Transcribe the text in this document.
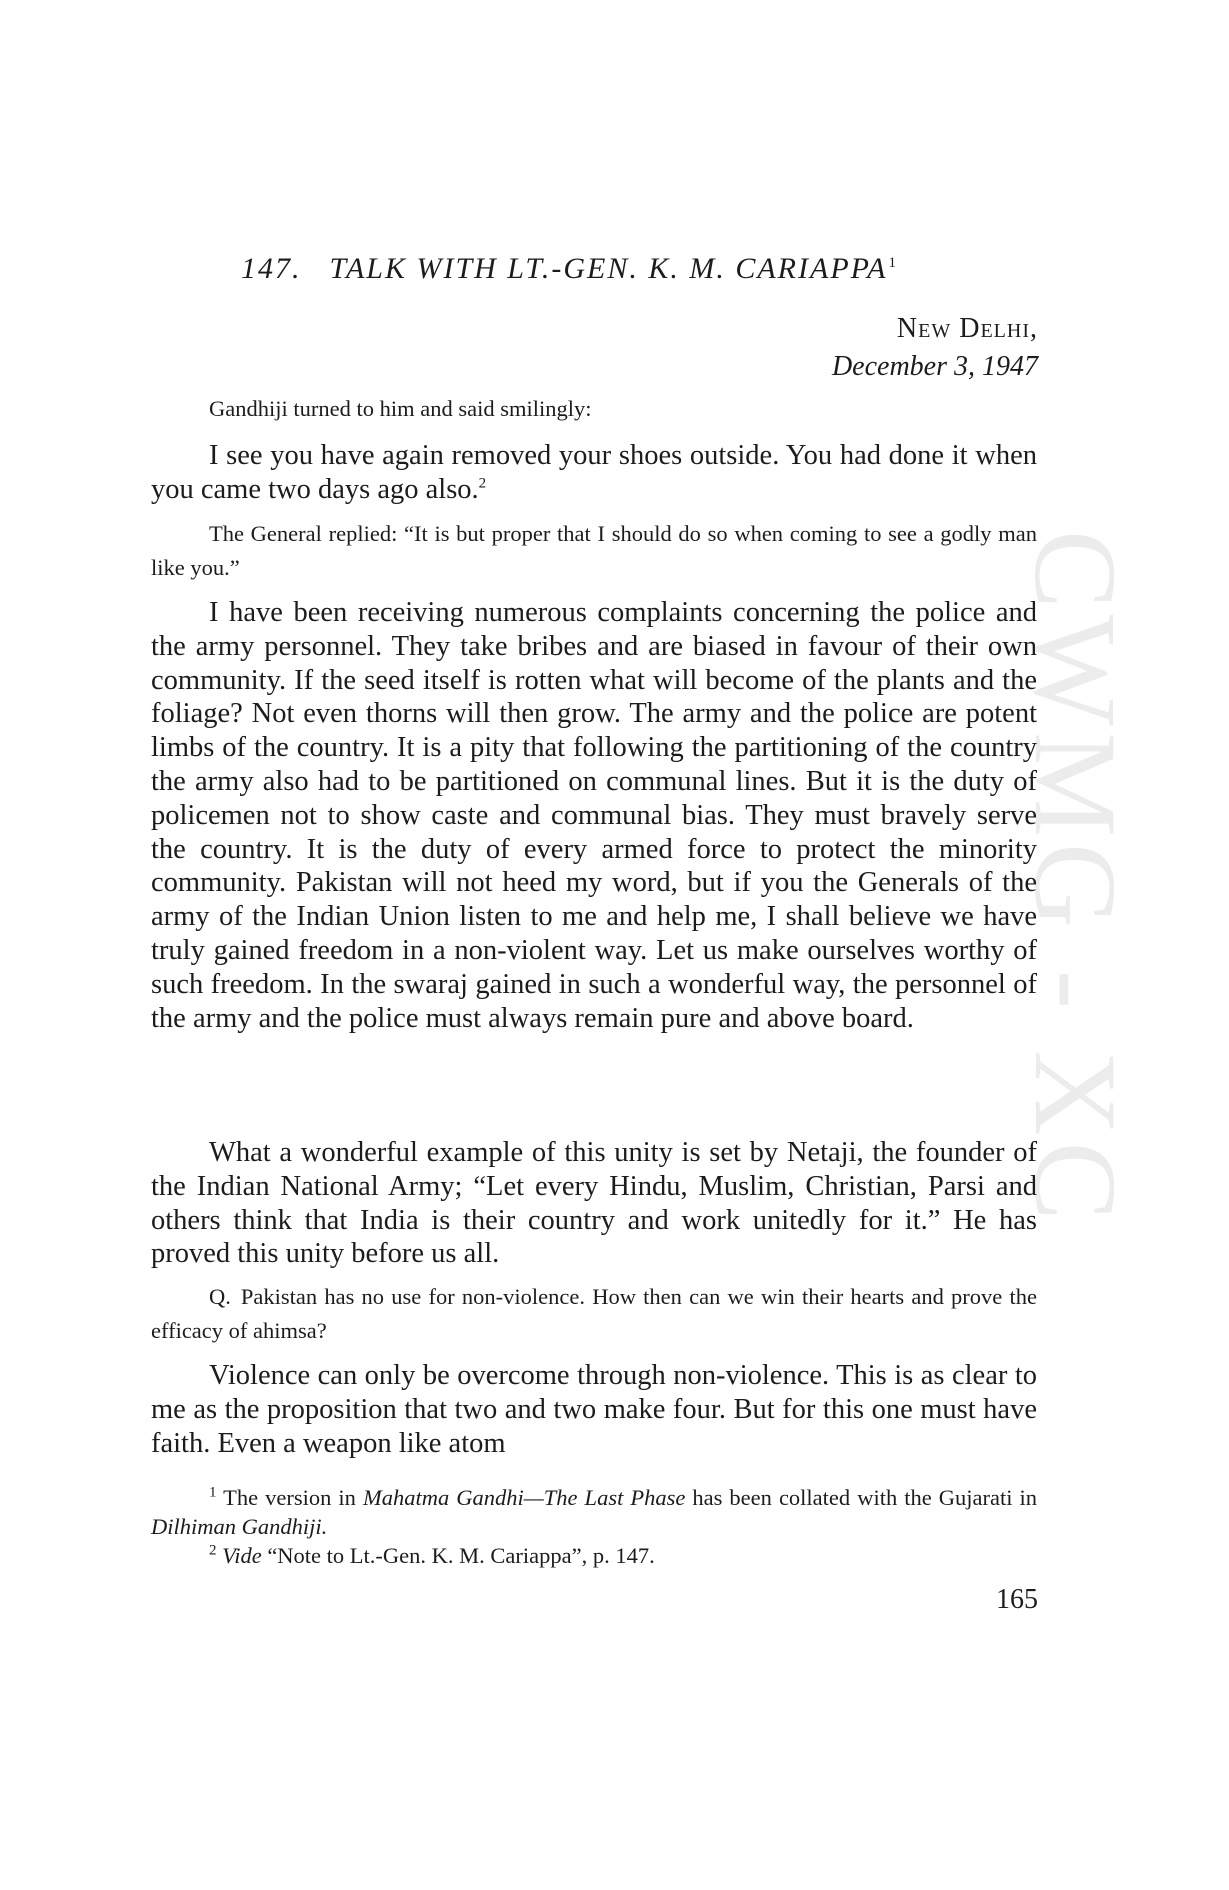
CWMG - XC
147. TALK WITH LT.-GEN. K. M. CARIAPPA$^1$
New Delhi,
December 3, 1947

Gandhiji turned to him and said smilingly:

I see you have again removed your shoes outside. You had done it when you came two days ago also.$^2$

The General replied: “It is but proper that I should do so when coming to see a godly man like you.”

I have been receiving numerous complaints concerning the police and the army personnel. They take bribes and are biased in favour of their own community. If the seed itself is rotten what will become of the plants and the foliage? Not even thorns will then grow. The army and the police are potent limbs of the country. It is a pity that following the partitioning of the country the army also had to be partitioned on communal lines. But it is the duty of policemen not to show caste and communal bias. They must bravely serve the country. It is the duty of every armed force to protect the minority community. Pakistan will not heed my word, but if you the Generals of the army of the Indian Union listen to me and help me, I shall believe we have truly gained freedom in a non-violent way. Let us make ourselves worthy of such freedom. In the swaraj gained in such a wonderful way, the personnel of the army and the police must always remain pure and above board.

What a wonderful example of this unity is set by Netaji, the founder of the Indian National Army; “Let every Hindu, Muslim, Christian, Parsi and others think that India is their country and work unitedly for it.” He has proved this unity before us all.

Q. Pakistan has no use for non-violence. How then can we win their hearts and prove the efficacy of ahimsa?

Violence can only be overcome through non-violence. This is as clear to me as the proposition that two and two make four. But for this one must have faith. Even a weapon like atom

$^1$ The version in Mahatma Gandhi—The Last Phase has been collated with the Gujarati in Dilhiman Gandhiji.

$^2$ Vide “Note to Lt.-Gen. K. M. Cariappa”, p. 147.

165
